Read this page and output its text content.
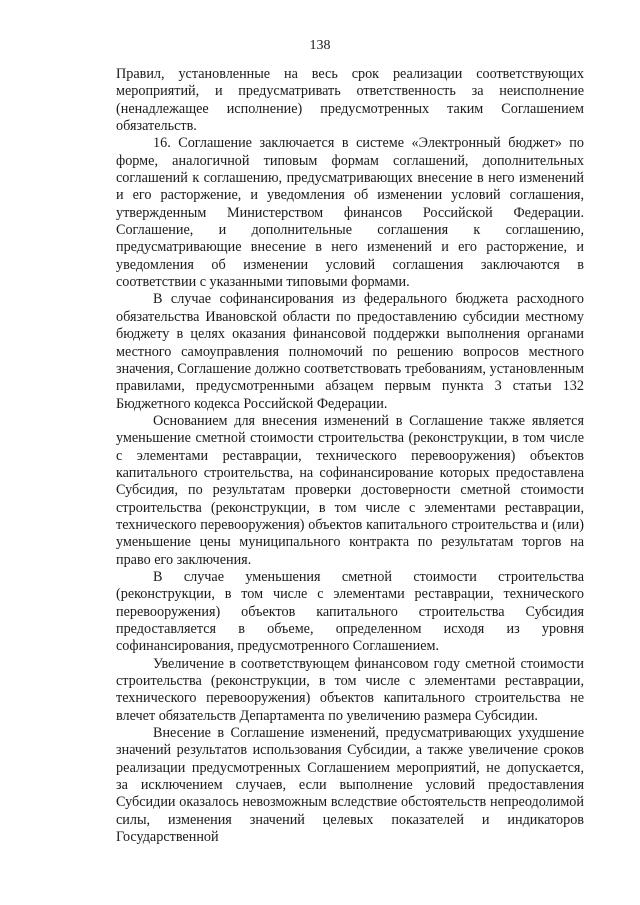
138

Правил, установленные на весь срок реализации соответствующих мероприятий, и предусматривать ответственность за неисполнение (ненадлежащее исполнение) предусмотренных таким Соглашением обязательств.

16. Соглашение заключается в системе «Электронный бюджет» по форме, аналогичной типовым формам соглашений, дополнительных соглашений к соглашению, предусматривающих внесение в него изменений и его расторжение, и уведомления об изменении условий соглашения, утвержденным Министерством финансов Российской Федерации. Соглашение, и дополнительные соглашения к соглашению, предусматривающие внесение в него изменений и его расторжение, и уведомления об изменении условий соглашения заключаются в соответствии с указанными типовыми формами.

В случае софинансирования из федерального бюджета расходного обязательства Ивановской области по предоставлению субсидии местному бюджету в целях оказания финансовой поддержки выполнения органами местного самоуправления полномочий по решению вопросов местного значения, Соглашение должно соответствовать требованиям, установленным правилами, предусмотренными абзацем первым пункта 3 статьи 132 Бюджетного кодекса Российской Федерации.

Основанием для внесения изменений в Соглашение также является уменьшение сметной стоимости строительства (реконструкции, в том числе с элементами реставрации, технического перевооружения) объектов капитального строительства, на софинансирование которых предоставлена Субсидия, по результатам проверки достоверности сметной стоимости строительства (реконструкции, в том числе с элементами реставрации, технического перевооружения) объектов капитального строительства и (или) уменьшение цены муниципального контракта по результатам торгов на право его заключения.

В случае уменьшения сметной стоимости строительства (реконструкции, в том числе с элементами реставрации, технического перевооружения) объектов капитального строительства Субсидия предоставляется в объеме, определенном исходя из уровня софинансирования, предусмотренного Соглашением.

Увеличение в соответствующем финансовом году сметной стоимости строительства (реконструкции, в том числе с элементами реставрации, технического перевооружения) объектов капитального строительства не влечет обязательств Департамента по увеличению размера Субсидии.

Внесение в Соглашение изменений, предусматривающих ухудшение значений результатов использования Субсидии, а также увеличение сроков реализации предусмотренных Соглашением мероприятий, не допускается, за исключением случаев, если выполнение условий предоставления Субсидии оказалось невозможным вследствие обстоятельств непреодолимой силы, изменения значений целевых показателей и индикаторов Государственной
